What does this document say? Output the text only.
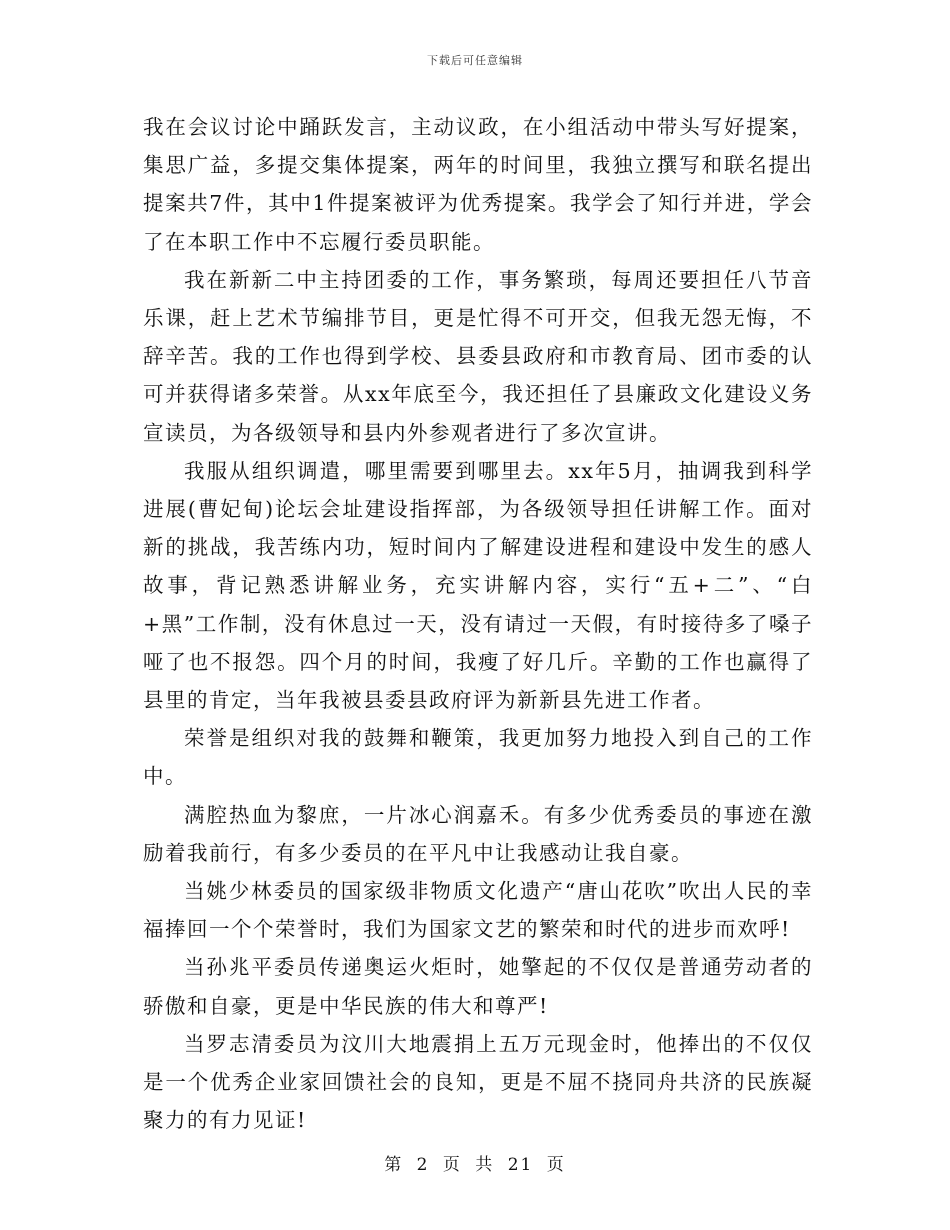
下载后可任意编辑

我在会议讨论中踊跃发言，主动议政，在小组活动中带头写好提案，集思广益，多提交集体提案，两年的时间里，我独立撰写和联名提出提案共7件，其中1件提案被评为优秀提案。我学会了知行并进，学会了在本职工作中不忘履行委员职能。

我在新新二中主持团委的工作，事务繁琐，每周还要担任八节音乐课，赶上艺术节编排节目，更是忙得不可开交，但我无怨无悔，不辞辛苦。我的工作也得到学校、县委县政府和市教育局、团市委的认可并获得诸多荣誉。从xx年底至今，我还担任了县廉政文化建设义务宣读员，为各级领导和县内外参观者进行了多次宣讲。

我服从组织调遣，哪里需要到哪里去。xx年5月，抽调我到科学进展(曹妃甸)论坛会址建设指挥部，为各级领导担任讲解工作。面对新的挑战，我苦练内功，短时间内了解建设进程和建设中发生的感人故事，背记熟悉讲解业务，充实讲解内容，实行“五+二”、“白+黑”工作制，没有休息过一天，没有请过一天假，有时接待多了嗓子哑了也不报怨。四个月的时间，我瘦了好几斤。辛勤的工作也赢得了县里的肯定，当年我被县委县政府评为新新县先进工作者。

荣誉是组织对我的鼓舞和鞭策，我更加努力地投入到自己的工作中。

满腔热血为黎庶，一片冰心润嘉禾。有多少优秀委员的事迹在激励着我前行，有多少委员的在平凡中让我感动让我自豪。

当姚少林委员的国家级非物质文化遗产“唐山花吹”吹出人民的幸福捧回一个个荣誉时，我们为国家文艺的繁荣和时代的进步而欢呼!

当孙兆平委员传递奥运火炬时，她擎起的不仅仅是普通劳动者的骄傲和自豪，更是中华民族的伟大和尊严!

当罗志清委员为汶川大地震捐上五万元现金时，他捧出的不仅仅是一个优秀企业家回馈社会的良知，更是不屈不挠同舟共济的民族凝聚力的有力见证!

第 2 页 共 21 页
